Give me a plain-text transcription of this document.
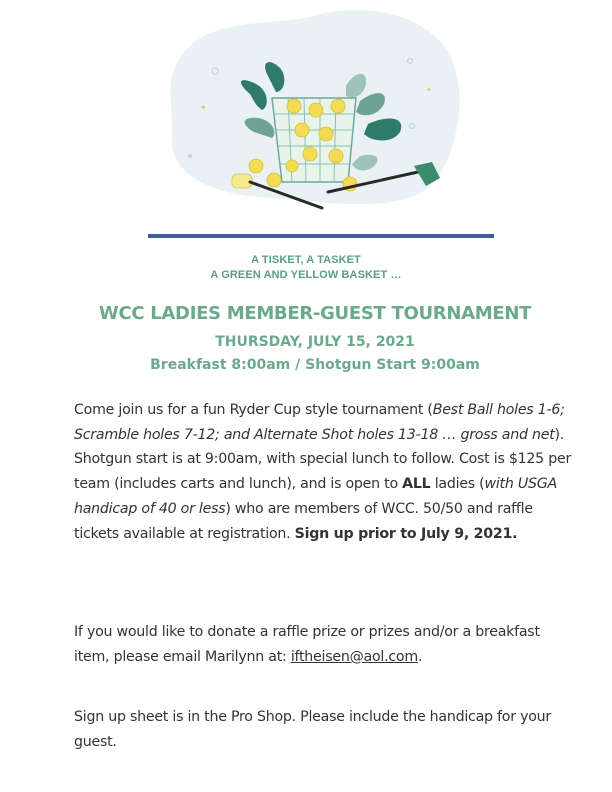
✦
✦
A TISKET, A TASKET
A GREEN AND YELLOW BASKET …
WCC LADIES MEMBER-GUEST TOURNAMENT
THURSDAY, JULY 15, 2021
Breakfast 8:00am / Shotgun Start 9:00am
Come join us for a fun Ryder Cup style tournament (Best Ball holes 1-6; Scramble holes 7-12; and Alternate Shot holes 13-18 … gross and net). Shotgun start is at 9:00am, with special lunch to follow. Cost is $125 per team (includes carts and lunch), and is open to ALL ladies (with USGA handicap of 40 or less) who are members of WCC. 50/50 and raffle tickets available at registration. Sign up prior to July 9, 2021.
If you would like to donate a raffle prize or prizes and/or a breakfast item, please email Marilynn at: iftheisen@aol.com.
Sign up sheet is in the Pro Shop. Please include the handicap for your guest.
